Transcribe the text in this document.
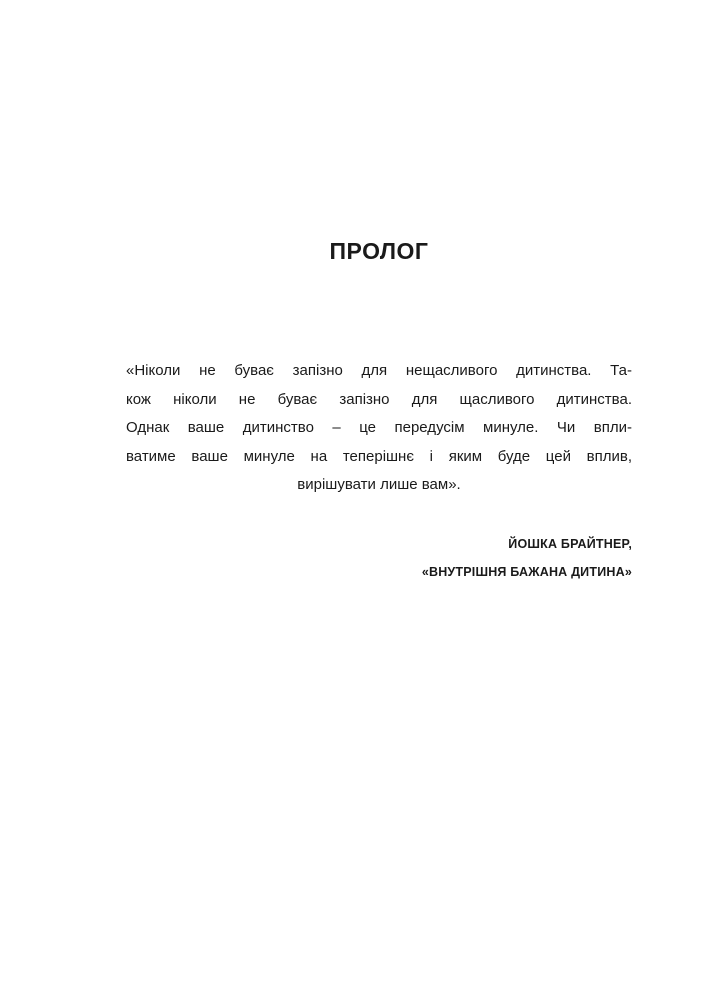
ПРОЛОГ
«Ніколи не буває запізно для нещасливого дитинства. Та-
кож ніколи не буває запізно для щасливого дитинства.
Однак ваше дитинство – це передусім минуле. Чи впли-
ватиме ваше минуле на теперішнє і яким буде цей вплив,
вирішувати лише вам».
ЙОШКА БРАЙТНЕР,
«ВНУТРІШНЯ БАЖАНА ДИТИНА»
